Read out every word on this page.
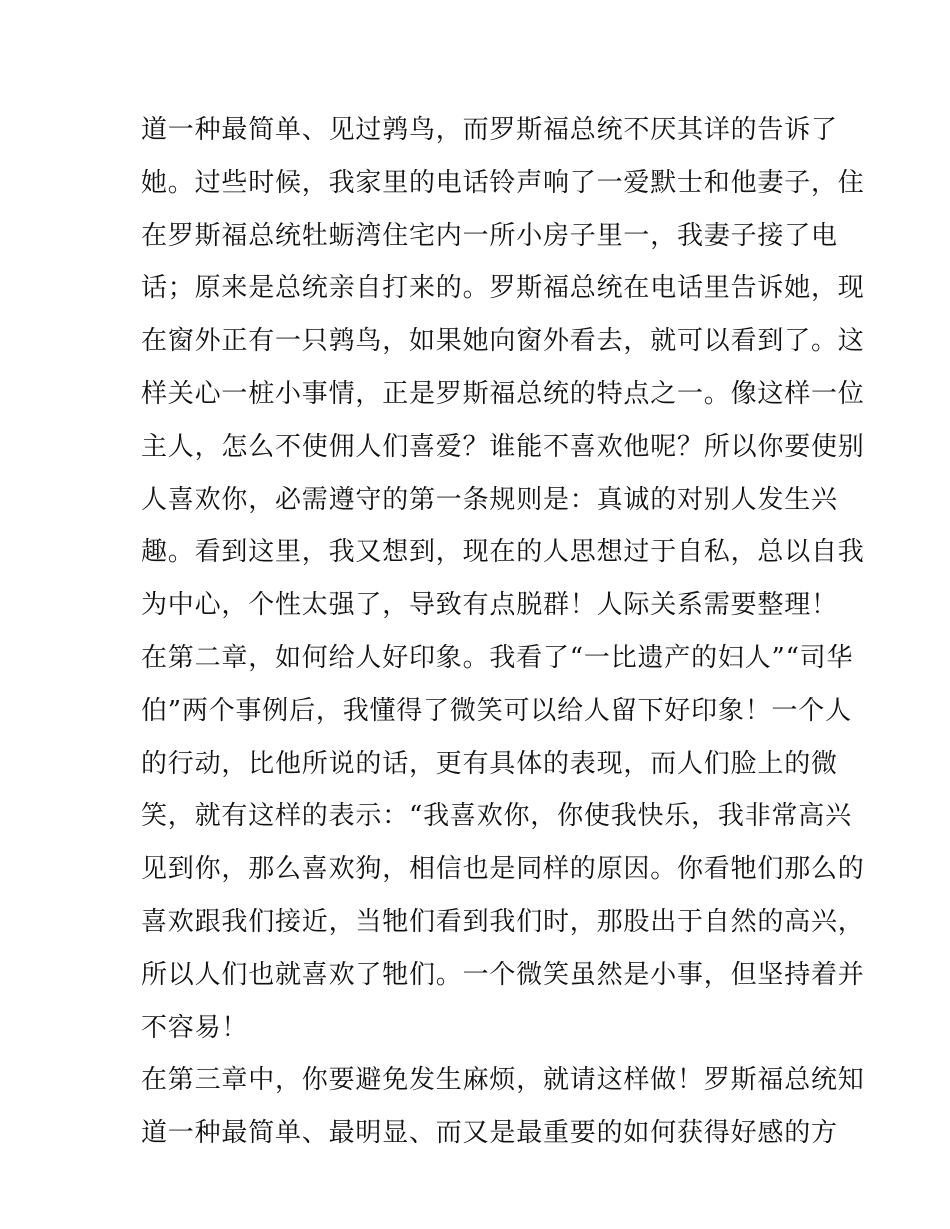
道一种最简单、见过鹑鸟，而罗斯福总统不厌其详的告诉了
她。过些时候，我家里的电话铃声响了一爱默士和他妻子，住
在罗斯福总统牡蛎湾住宅内一所小房子里一，我妻子接了电
话；原来是总统亲自打来的。罗斯福总统在电话里告诉她，现
在窗外正有一只鹑鸟，如果她向窗外看去，就可以看到了。这
样关心一桩小事情，正是罗斯福总统的特点之一。像这样一位
主人，怎么不使佣人们喜爱？谁能不喜欢他呢？所以你要使别
人喜欢你，必需遵守的第一条规则是：真诚的对别人发生兴
趣。看到这里，我又想到，现在的人思想过于自私，总以自我
为中心，个性太强了，导致有点脱群！人际关系需要整理！
在第二章，如何给人好印象。我看了“一比遗产的妇人”“司华
伯”两个事例后，我懂得了微笑可以给人留下好印象！一个人
的行动，比他所说的话，更有具体的表现，而人们脸上的微
笑，就有这样的表示：“我喜欢你，你使我快乐，我非常高兴
见到你，那么喜欢狗，相信也是同样的原因。你看牠们那么的
喜欢跟我们接近，当牠们看到我们时，那股出于自然的高兴，
所以人们也就喜欢了牠们。一个微笑虽然是小事，但坚持着并
不容易！
在第三章中，你要避免发生麻烦，就请这样做！罗斯福总统知
道一种最简单、最明显、而又是最重要的如何获得好感的方
